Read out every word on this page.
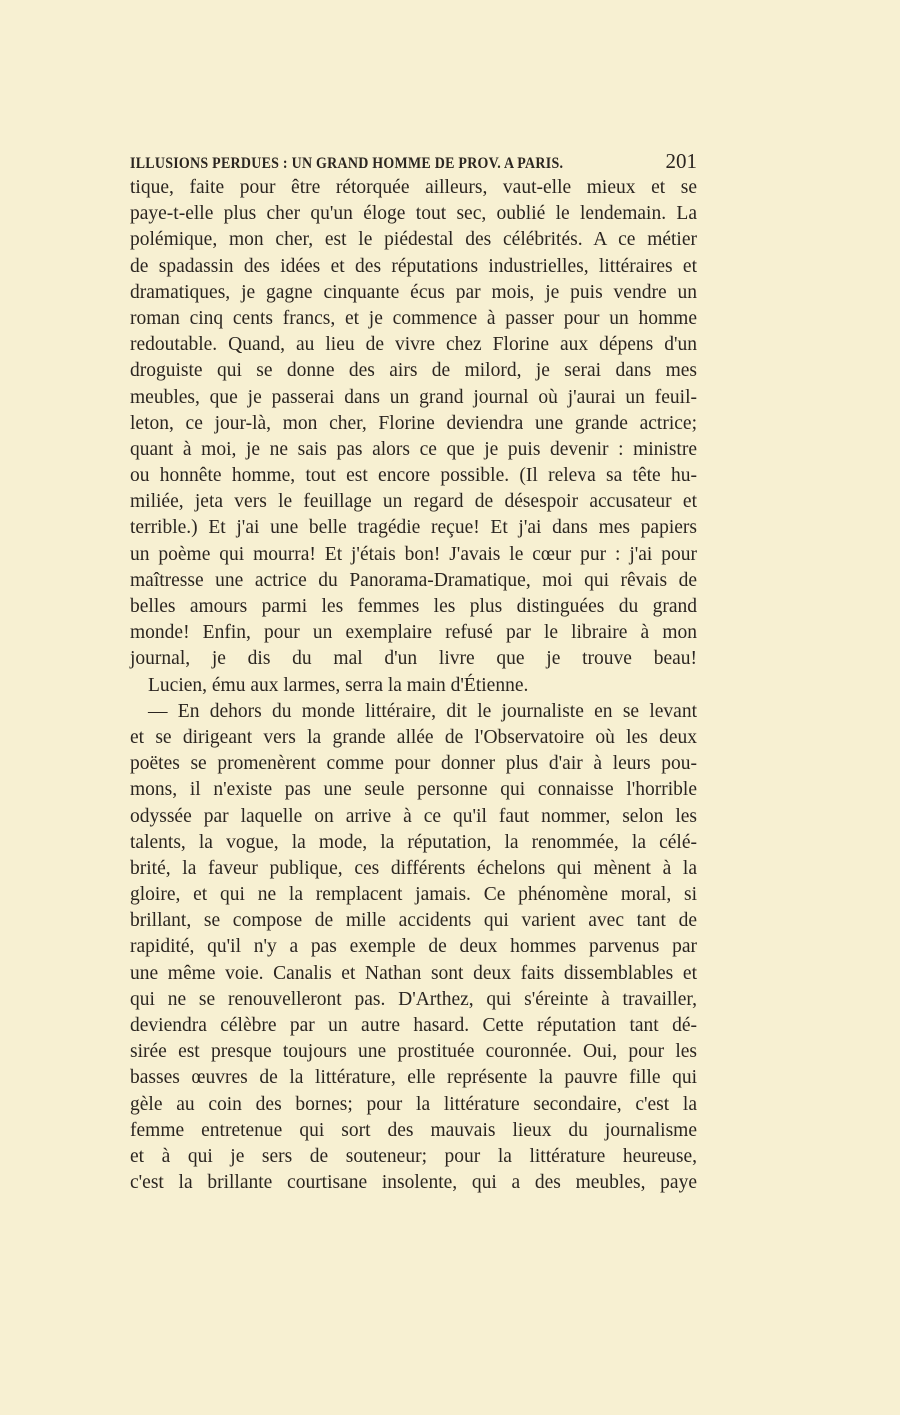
ILLUSIONS PERDUES : UN GRAND HOMME DE PROV. A PARIS.	201
tique, faite pour être rétorquée ailleurs, vaut-elle mieux et se
paye-t-elle plus cher qu'un éloge tout sec, oublié le lendemain. La
polémique, mon cher, est le piédestal des célébrités. A ce métier
de spadassin des idées et des réputations industrielles, littéraires et
dramatiques, je gagne cinquante écus par mois, je puis vendre un
roman cinq cents francs, et je commence à passer pour un homme
redoutable. Quand, au lieu de vivre chez Florine aux dépens d'un
droguiste qui se donne des airs de milord, je serai dans mes
meubles, que je passerai dans un grand journal où j'aurai un feuil-
leton, ce jour-là, mon cher, Florine deviendra une grande actrice;
quant à moi, je ne sais pas alors ce que je puis devenir : ministre
ou honnête homme, tout est encore possible. (Il releva sa tête hu-
miliée, jeta vers le feuillage un regard de désespoir accusateur et
terrible.) Et j'ai une belle tragédie reçue! Et j'ai dans mes papiers
un poème qui mourra! Et j'étais bon! J'avais le cœur pur : j'ai pour
maîtresse une actrice du Panorama-Dramatique, moi qui rêvais de
belles amours parmi les femmes les plus distinguées du grand
monde! Enfin, pour un exemplaire refusé par le libraire à mon
journal, je dis du mal d'un livre que je trouve beau!
Lucien, ému aux larmes, serra la main d'Étienne.
— En dehors du monde littéraire, dit le journaliste en se levant
et se dirigeant vers la grande allée de l'Observatoire où les deux
poëtes se promenèrent comme pour donner plus d'air à leurs pou-
mons, il n'existe pas une seule personne qui connaisse l'horrible
odyssée par laquelle on arrive à ce qu'il faut nommer, selon les
talents, la vogue, la mode, la réputation, la renommée, la célé-
brité, la faveur publique, ces différents échelons qui mènent à la
gloire, et qui ne la remplacent jamais. Ce phénomène moral, si
brillant, se compose de mille accidents qui varient avec tant de
rapidité, qu'il n'y a pas exemple de deux hommes parvenus par
une même voie. Canalis et Nathan sont deux faits dissemblables et
qui ne se renouvelleront pas. D'Arthez, qui s'éreinte à travailler,
deviendra célèbre par un autre hasard. Cette réputation tant dé-
sirée est presque toujours une prostituée couronnée. Oui, pour les
basses œuvres de la littérature, elle représente la pauvre fille qui
gèle au coin des bornes; pour la littérature secondaire, c'est la
femme entretenue qui sort des mauvais lieux du journalisme
et à qui je sers de souteneur; pour la littérature heureuse,
c'est la brillante courtisane insolente, qui a des meubles, paye
